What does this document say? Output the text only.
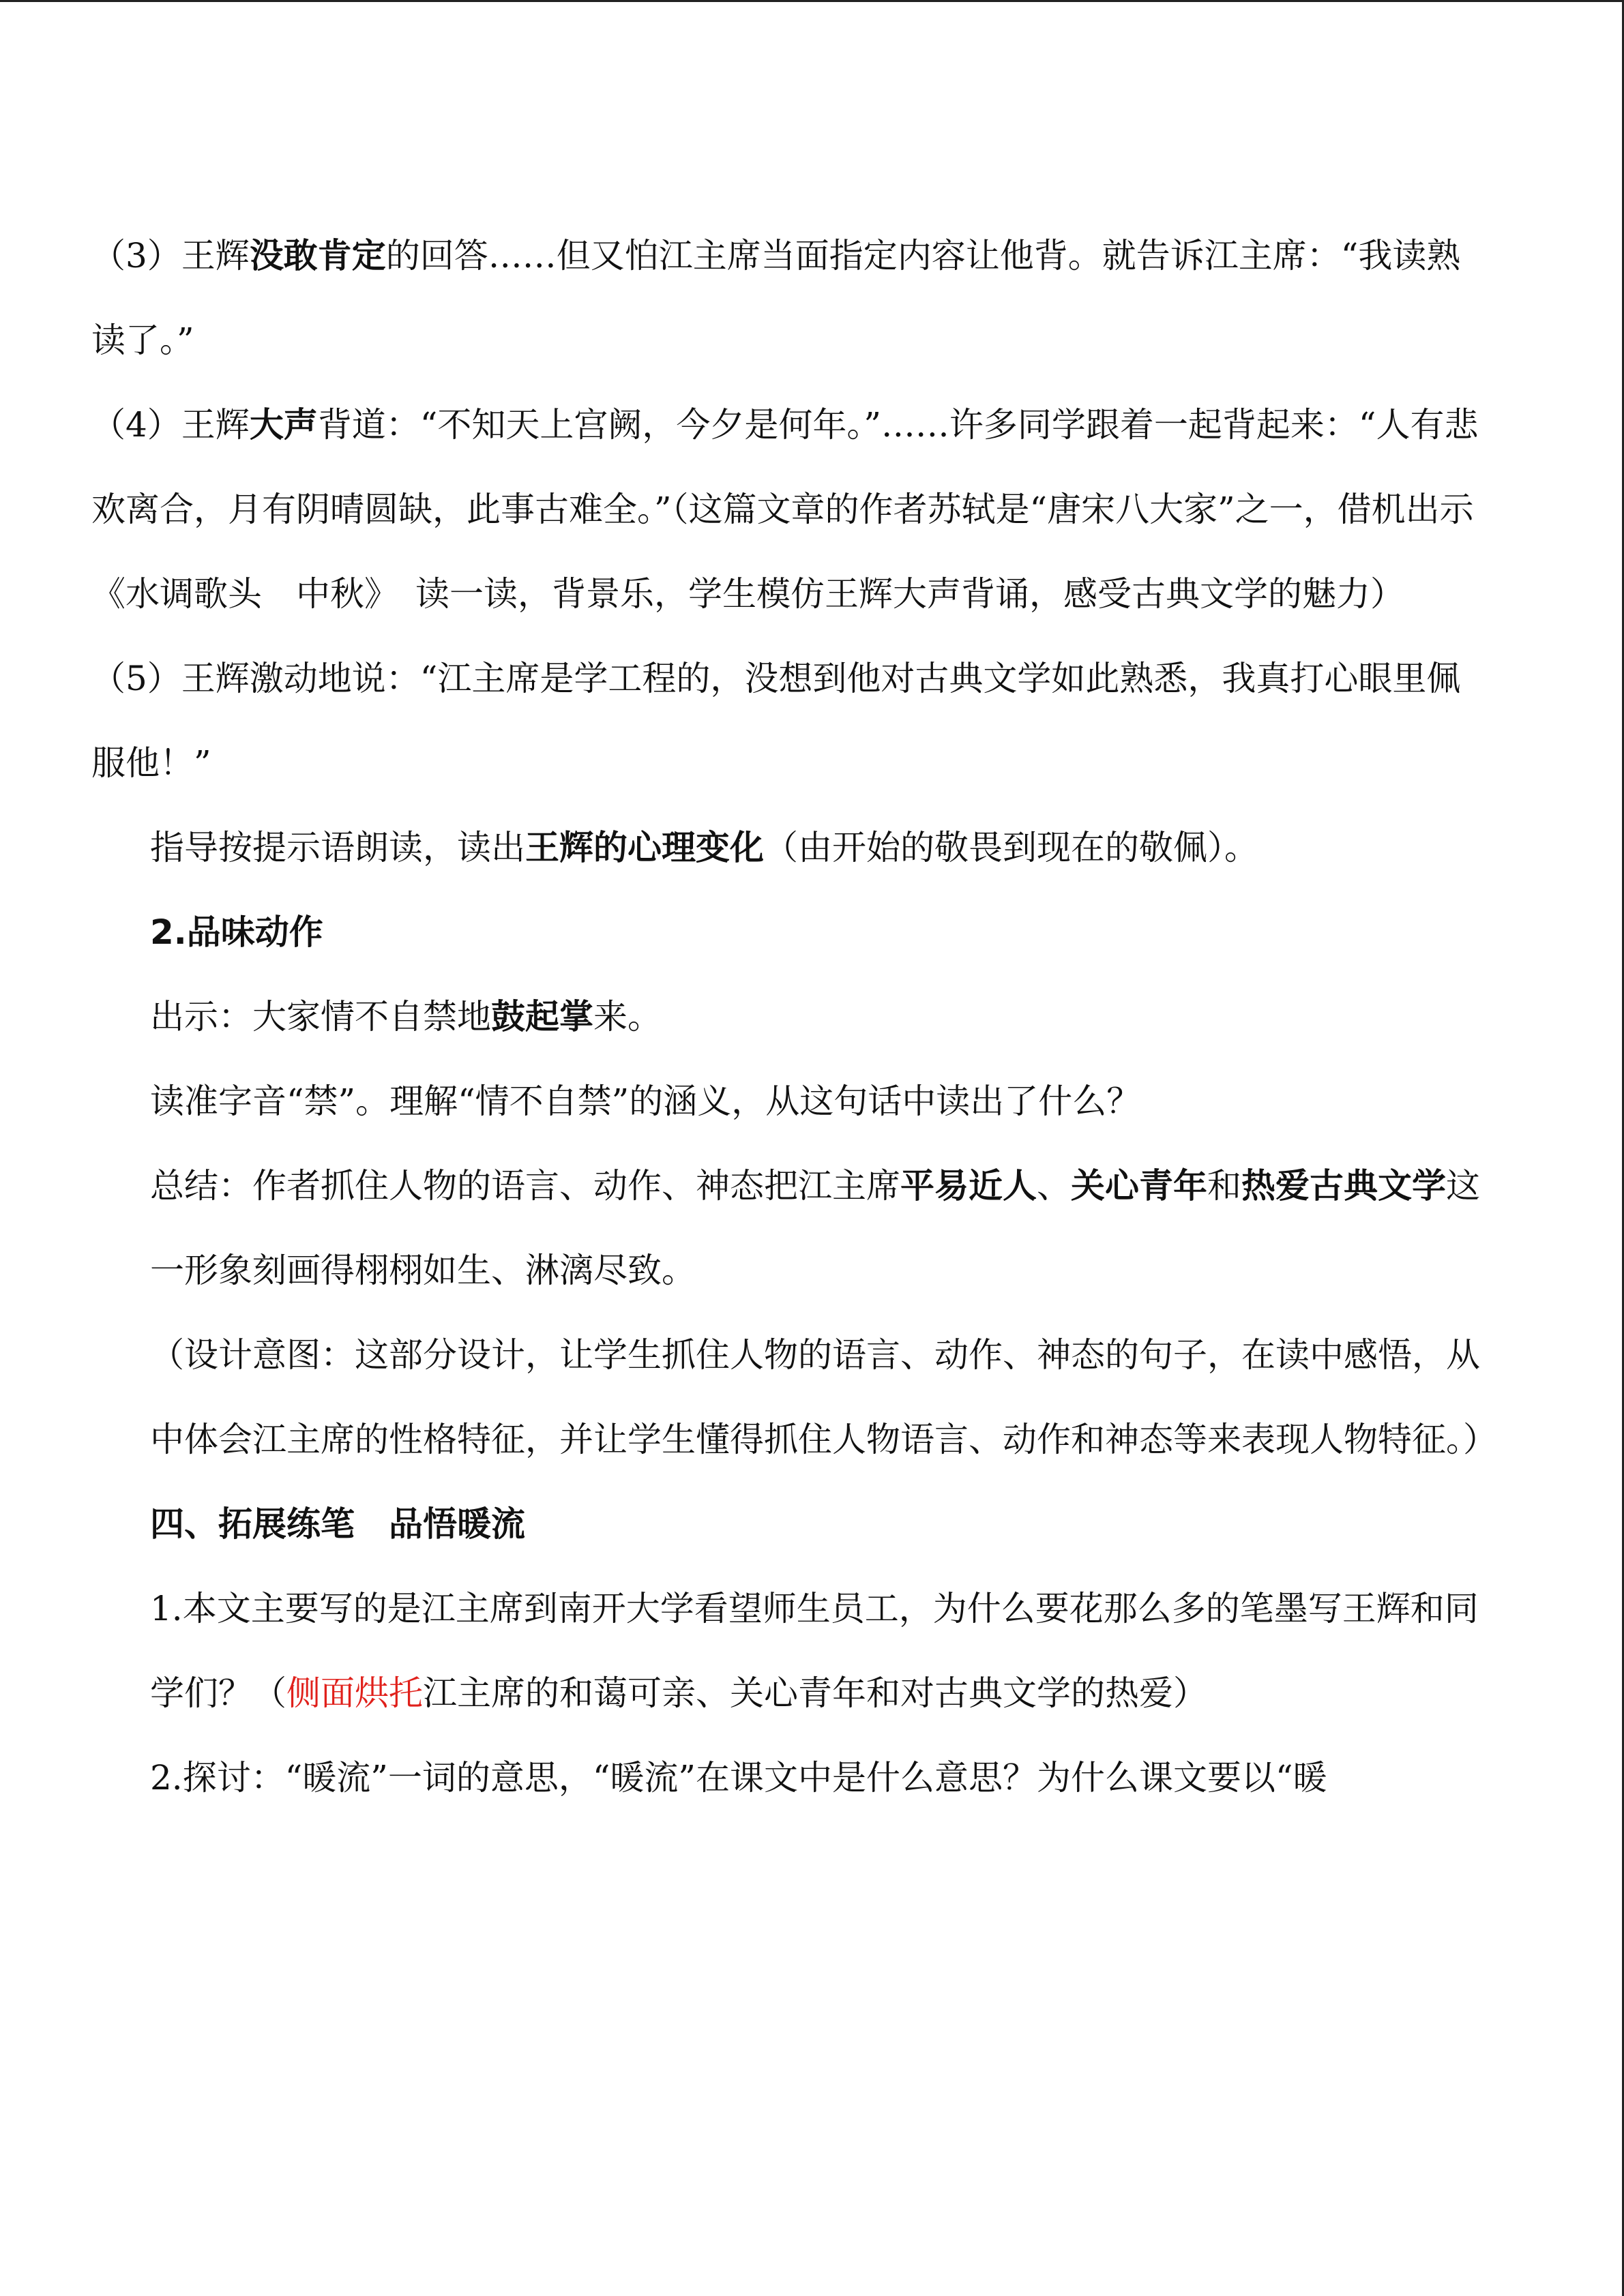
（3）王辉没敢肯定的回答……但又怕江主席当面指定内容让他背。就告诉江主席：“我读熟读了。”

（4）王辉大声背道：“不知天上宫阙，今夕是何年。”……许多同学跟着一起背起来：“人有悲欢离合，月有阴晴圆缺，此事古难全。”（这篇文章的作者苏轼是“唐宋八大家”之一，借机出示《水调歌头　中秋》　读一读，背景乐，学生模仿王辉大声背诵，感受古典文学的魅力）

（5）王辉激动地说：“江主席是学工程的，没想到他对古典文学如此熟悉，我真打心眼里佩服他！”

指导按提示语朗读，读出王辉的心理变化（由开始的敬畏到现在的敬佩）。

2.品味动作

出示：大家情不自禁地鼓起掌来。

读准字音“禁”。理解“情不自禁”的涵义，从这句话中读出了什么？

总结：作者抓住人物的语言、动作、神态把江主席平易近人、关心青年和热爱古典文学这一形象刻画得栩栩如生、淋漓尽致。

（设计意图：这部分设计，让学生抓住人物的语言、动作、神态的句子，在读中感悟，从中体会江主席的性格特征，并让学生懂得抓住人物语言、动作和神态等来表现人物特征。）

四、拓展练笔　品悟暖流

1.本文主要写的是江主席到南开大学看望师生员工，为什么要花那么多的笔墨写王辉和同学们？（侧面烘托江主席的和蔼可亲、关心青年和对古典文学的热爱）

2.探讨：“暖流”一词的意思，“暖流”在课文中是什么意思？为什么课文要以“暖
